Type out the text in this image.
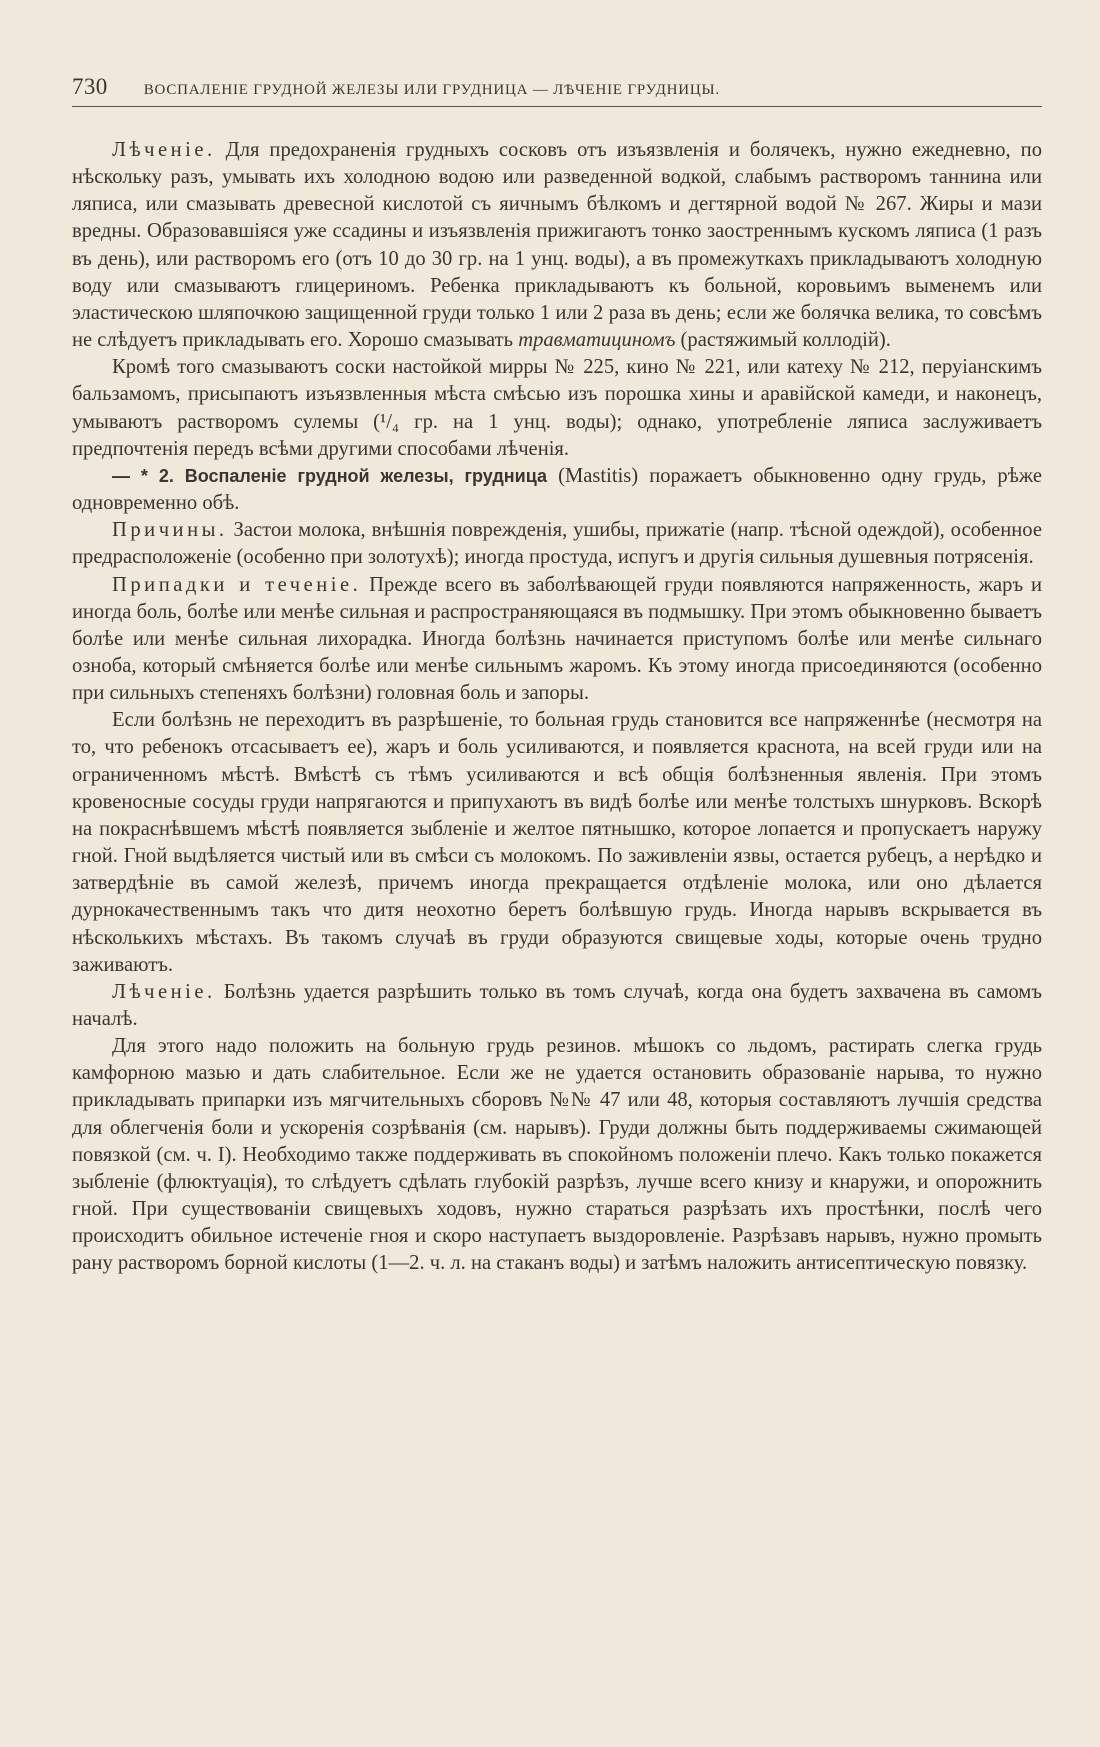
730 ВОСПАЛЕНІЕ ГРУДНОЙ ЖЕЛЕЗЫ ИЛИ ГРУДНИЦА — ЛѢЧЕНІЕ ГРУДНИЦЫ.

Лѣченіе. Для предохраненія грудныхъ сосковъ отъ изъязвленія и болячекъ, нужно ежедневно, по нѣскольку разъ, умывать ихъ холодною водою или разведенной водкой, слабымъ растворомъ таннина или ляписа, или смазывать древесной кислотой съ яичнымъ бѣлкомъ и дегтярной водой № 267. Жиры и мази вредны. Образовавшіяся уже ссадины и изъязвленія прижигаютъ тонко заостреннымъ кускомъ ляписа (1 разъ въ день), или растворомъ его (отъ 10 до 30 гр. на 1 унц. воды), а въ промежуткахъ прикладываютъ холодную воду или смазываютъ глицериномъ. Ребенка прикладываютъ къ больной, коровьимъ выменемъ или эластическою шляпочкою защищенной груди только 1 или 2 раза въ день; если же болячка велика, то совсѣмъ не слѣдуетъ прикладывать его. Хорошо смазывать травматициномъ (растяжимый коллодій).

Кромѣ того смазываютъ соски настойкой мирры № 225, кино № 221, или катеху № 212, перуіанскимъ бальзамомъ, присыпаютъ изъязвленныя мѣста смѣсью изъ порошка хины и аравійской камеди, и наконецъ, умываютъ растворомъ сулемы (¹/₄ гр. на 1 унц. воды); однако, употребленіе ляписа заслуживаетъ предпочтенія передъ всѣми другими способами лѣченія.

— * 2. Воспаленіе грудной железы, грудница (Mastitis) поражаетъ обыкновенно одну грудь, рѣже одновременно обѣ.

Причины. Застои молока, внѣшнія поврежденія, ушибы, прижатіе (напр. тѣсной одеждой), особенное предрасположеніе (особенно при золотухѣ); иногда простуда, испугъ и другія сильныя душевныя потрясенія.

Припадки и теченіе. Прежде всего въ заболѣвающей груди появляются напряженность, жаръ и иногда боль, болѣе или менѣе сильная и распространяющаяся въ подмышку. При этомъ обыкновенно бываетъ болѣе или менѣе сильная лихорадка. Иногда болѣзнь начинается приступомъ болѣе или менѣе сильнаго озноба, который смѣняется болѣе или менѣе сильнымъ жаромъ. Къ этому иногда присоединяются (особенно при сильныхъ степеняхъ болѣзни) головная боль и запоры.

Если болѣзнь не переходитъ въ разрѣшеніе, то больная грудь становится все напряженнѣе (несмотря на то, что ребенокъ отсасываетъ ее), жаръ и боль усиливаются, и появляется краснота, на всей груди или на ограниченномъ мѣстѣ. Вмѣстѣ съ тѣмъ усиливаются и всѣ общія болѣзненныя явленія. При этомъ кровеносные сосуды груди напрягаются и припухаютъ въ видѣ болѣе или менѣе толстыхъ шнурковъ. Вскорѣ на покраснѣвшемъ мѣстѣ появляется зыбленіе и желтое пятнышко, которое лопается и пропускаетъ наружу гной. Гной выдѣляется чистый или въ смѣси съ молокомъ. По заживленіи язвы, остается рубецъ, а нерѣдко и затвердѣніе въ самой железѣ, причемъ иногда прекращается отдѣленіе молока, или оно дѣлается дурнокачественнымъ такъ что дитя неохотно беретъ болѣвшую грудь. Иногда нарывъ вскрывается въ нѣсколькихъ мѣстахъ. Въ такомъ случаѣ въ груди образуются свищевые ходы, которые очень трудно заживаютъ.

Лѣченіе. Болѣзнь удается разрѣшить только въ томъ случаѣ, когда она будетъ захвачена въ самомъ началѣ.

Для этого надо положить на больную грудь резинов. мѣшокъ со льдомъ, растирать слегка грудь камфорною мазью и дать слабительное. Если же не удается остановить образованіе нарыва, то нужно прикладывать припарки изъ мягчительныхъ сборовъ №№ 47 или 48, которыя составляютъ лучшія средства для облегченія боли и ускоренія созрѣванія (см. нарывъ). Груди должны быть поддерживаемы сжимающей повязкой (см. ч. I). Необходимо также поддерживать въ спокойномъ положеніи плечо. Какъ только покажется зыбленіе (флюктуація), то слѣдуетъ сдѣлать глубокій разрѣзъ, лучше всего книзу и кнаружи, и опорожнить гной. При существованіи свищевыхъ ходовъ, нужно стараться разрѣзать ихъ простѣнки, послѣ чего происходитъ обильное истеченіе гноя и скоро наступаетъ выздоровленіе. Разрѣзавъ нарывъ, нужно промыть рану растворомъ борной кислоты (1—2. ч. л. на стаканъ воды) и затѣмъ наложить антисептическую повязку.
